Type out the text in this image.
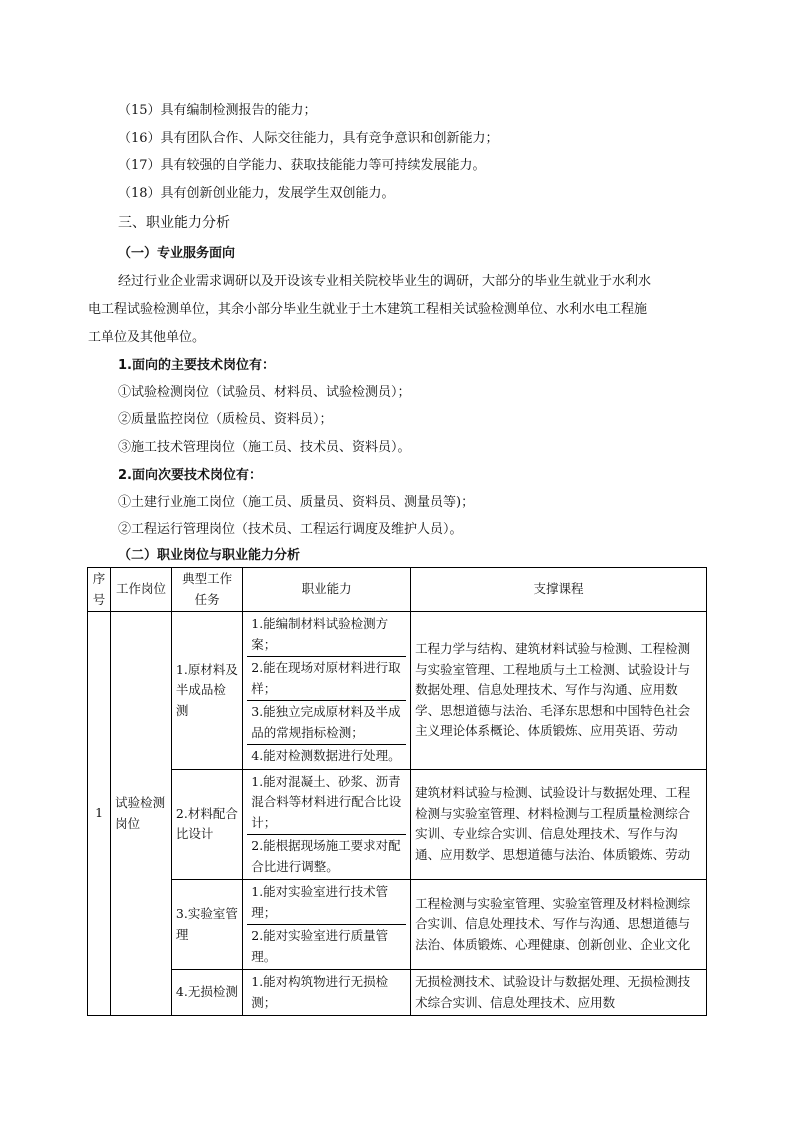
（15）具有编制检测报告的能力；
（16）具有团队合作、人际交往能力，具有竞争意识和创新能力；
（17）具有较强的自学能力、获取技能能力等可持续发展能力。
（18）具有创新创业能力，发展学生双创能力。
三、职业能力分析
（一）专业服务面向
经过行业企业需求调研以及开设该专业相关院校毕业生的调研，大部分的毕业生就业于水利水
电工程试验检测单位，其余小部分毕业生就业于土木建筑工程相关试验检测单位、水利水电工程施
工单位及其他单位。
1.面向的主要技术岗位有：
①试验检测岗位（试验员、材料员、试验检测员）；
②质量监控岗位（质检员、资料员）；
③施工技术管理岗位（施工员、技术员、资料员）。
2.面向次要技术岗位有：
①土建行业施工岗位（施工员、质量员、资料员、测量员等)；
②工程运行管理岗位（技术员、工程运行调度及维护人员）。
（二）职业岗位与职业能力分析
序号	工作岗位	典型工作任务	职业能力	支撑课程
1	试验检测岗位	1.原材料及半成品检测	1.能编制材料试验检测方案；
2.能在现场对原材料进行取样；
3.能独立完成原材料及半成品的常规指标检测；
4.能对检测数据进行处理。	工程力学与结构、建筑材料试验与检测、工程检测与实验室管理、工程地质与土工检测、试验设计与数据处理、信息处理技术、写作与沟通、应用数学、思想道德与法治、毛泽东思想和中国特色社会主义理论体系概论、体质锻炼、应用英语、劳动
		2.材料配合比设计	1.能对混凝土、砂浆、沥青混合料等材料进行配合比设计；
2.能根据现场施工要求对配合比进行调整。	建筑材料试验与检测、试验设计与数据处理、工程检测与实验室管理、材料检测与工程质量检测综合实训、专业综合实训、信息处理技术、写作与沟通、应用数学、思想道德与法治、体质锻炼、劳动
		3.实验室管理	1.能对实验室进行技术管理；
2.能对实验室进行质量管理。	工程检测与实验室管理、实验室管理及材料检测综合实训、信息处理技术、写作与沟通、思想道德与法治、体质锻炼、心理健康、创新创业、企业文化
		4.无损检测	1.能对构筑物进行无损检测；	无损检测技术、试验设计与数据处理、无损检测技术综合实训、信息处理技术、应用数
